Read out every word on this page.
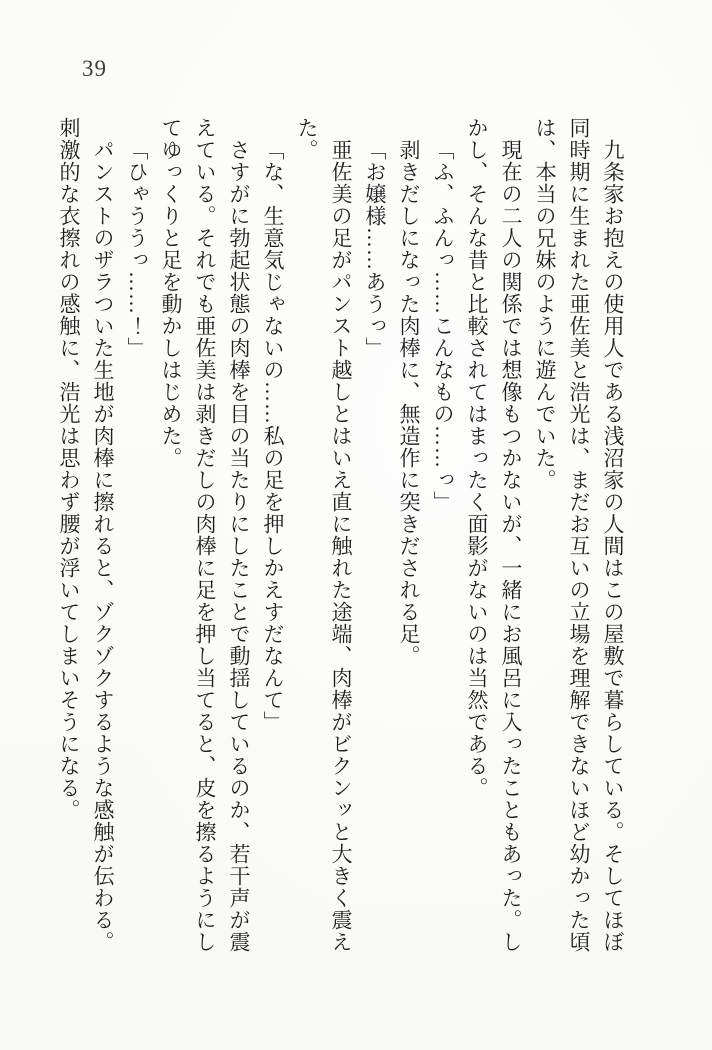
39

九条家お抱えの使用人である浅沼家の人間はこの屋敷で暮らしている。そしてほぼ同時期に生まれた亜佐美と浩光は、まだお互いの立場を理解できないほど幼かった頃は、本当の兄妹のように遊んでいた。

現在の二人の関係では想像もつかないが、一緒にお風呂に入ったこともあった。しかし、そんな昔と比較されてはまったく面影がないのは当然である。

「ふ、ふんっ……こんなもの……っ」

剥きだしになった肉棒に、無造作に突きだされる足。

「お嬢様……あうっ」

亜佐美の足がパンスト越しとはいえ直に触れた途端、肉棒がビクンッと大きく震えた。

「な、生意気じゃないの……私の足を押しかえすだなんて」

さすがに勃起状態の肉棒を目の当たりにしたことで動揺しているのか、若干声が震えている。それでも亜佐美は剥きだしの肉棒に足を押し当てると、皮を擦るようにしてゆっくりと足を動かしはじめた。

「ひゃううっ……！」

パンストのザラついた生地が肉棒に擦れると、ゾクゾクするような感触が伝わる。刺激的な衣擦れの感触に、浩光は思わず腰が浮いてしまいそうになる。
